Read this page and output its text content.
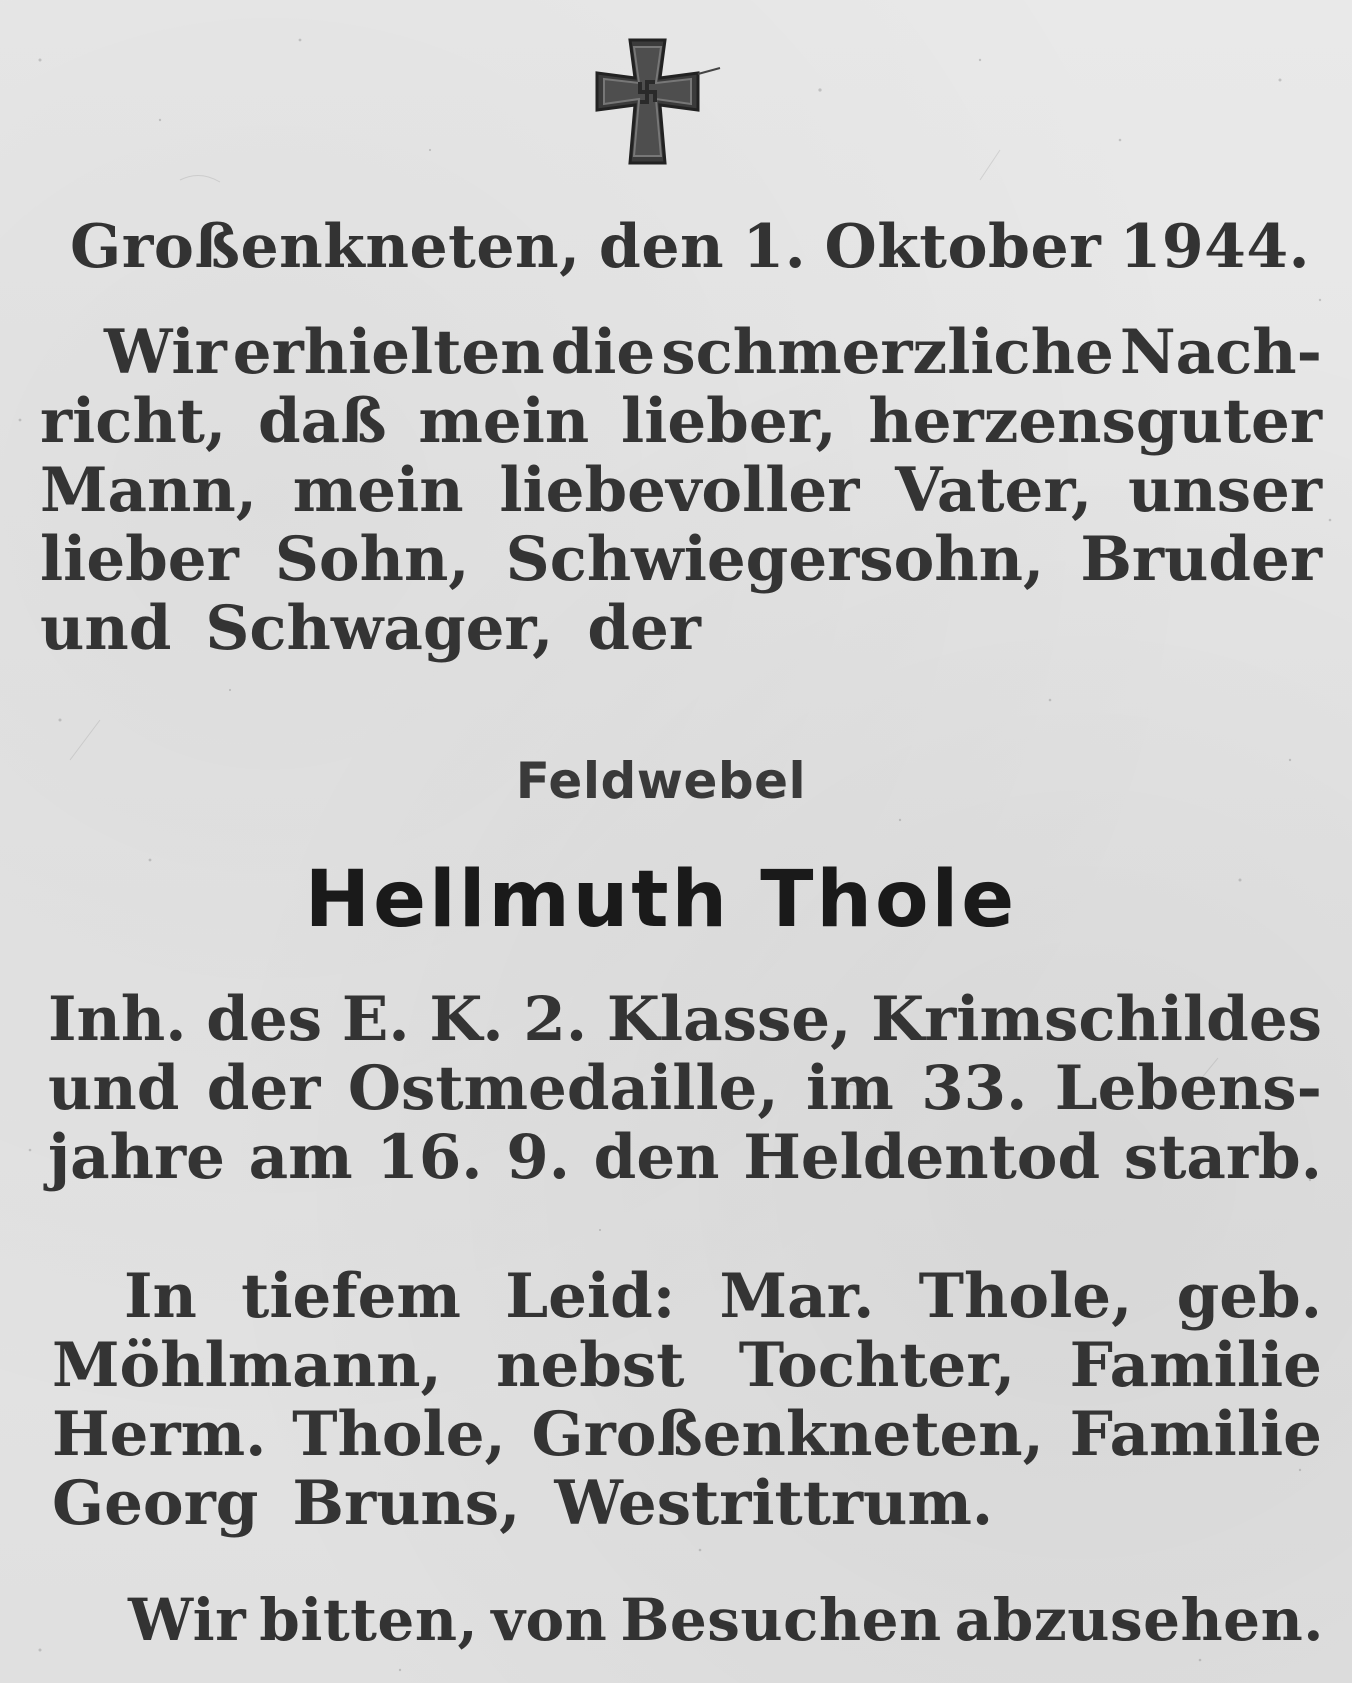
Großenkneten, den 1. Oktober 1944.
Wir erhielten die schmerzliche Nach-
richt, daß mein lieber, herzensguter
Mann, mein liebevoller Vater, unser
lieber Sohn, Schwiegersohn, Bruder
und Schwager, der
Feldwebel
Hellmuth Thole
Inh. des E. K. 2. Klasse, Krimschildes
und der Ostmedaille, im 33. Lebens-
jahre am 16. 9. den Heldentod starb.
In tiefem Leid: Mar. Thole, geb.
Möhlmann, nebst Tochter, Familie
Herm. Thole, Großenkneten, Familie
Georg Bruns, Westrittrum.
Wir bitten, von Besuchen abzusehen.
